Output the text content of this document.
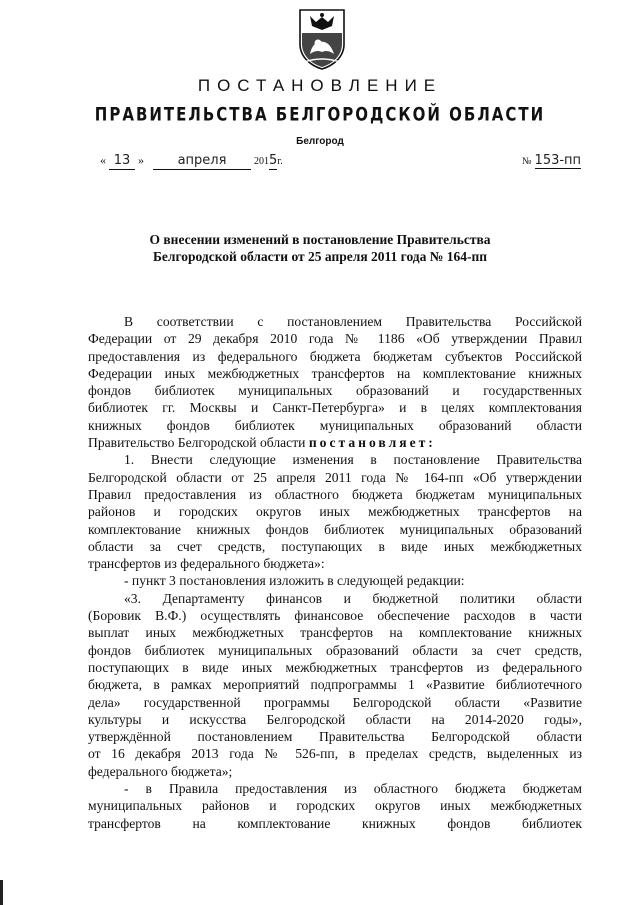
ПОСТАНОВЛЕНИЕ
ПРАВИТЕЛЬСТВА БЕЛГОРОДСКОЙ ОБЛАСТИ
Белгород
« 13 »	апреля	2015г.	№ 153-пп
О внесении изменений в постановление Правительства
Белгородской области от 25 апреля 2011 года № 164-пп
В соответствии с постановлением Правительства Российской
Федерации от 29 декабря 2010 года № 1186 «Об утверждении Правил
предоставления из федерального бюджета бюджетам субъектов Российской
Федерации иных межбюджетных трансфертов на комплектование книжных
фондов библиотек муниципальных образований и государственных
библиотек гг. Москвы и Санкт-Петербурга» и в целях комплектования
книжных фондов библиотек муниципальных образований области
Правительство Белгородской области постановляет:
1. Внести следующие изменения в постановление Правительства
Белгородской области от 25 апреля 2011 года № 164-пп «Об утверждении
Правил предоставления из областного бюджета бюджетам муниципальных
районов и городских округов иных межбюджетных трансфертов на
комплектование книжных фондов библиотек муниципальных образований
области за счет средств, поступающих в виде иных межбюджетных
трансфертов из федерального бюджета»:
- пункт 3 постановления изложить в следующей редакции:
«3. Департаменту финансов и бюджетной политики области
(Боровик В.Ф.) осуществлять финансовое обеспечение расходов в части
выплат иных межбюджетных трансфертов на комплектование книжных
фондов библиотек муниципальных образований области за счет средств,
поступающих в виде иных межбюджетных трансфертов из федерального
бюджета, в рамках мероприятий подпрограммы 1 «Развитие библиотечного
дела» государственной программы Белгородской области «Развитие
культуры и искусства Белгородской области на 2014-2020 годы»,
утверждённой постановлением Правительства Белгородской области
от 16 декабря 2013 года № 526-пп, в пределах средств, выделенных из
федерального бюджета»;
- в Правила предоставления из областного бюджета бюджетам
муниципальных районов и городских округов иных межбюджетных
трансфертов на комплектование книжных фондов библиотек
